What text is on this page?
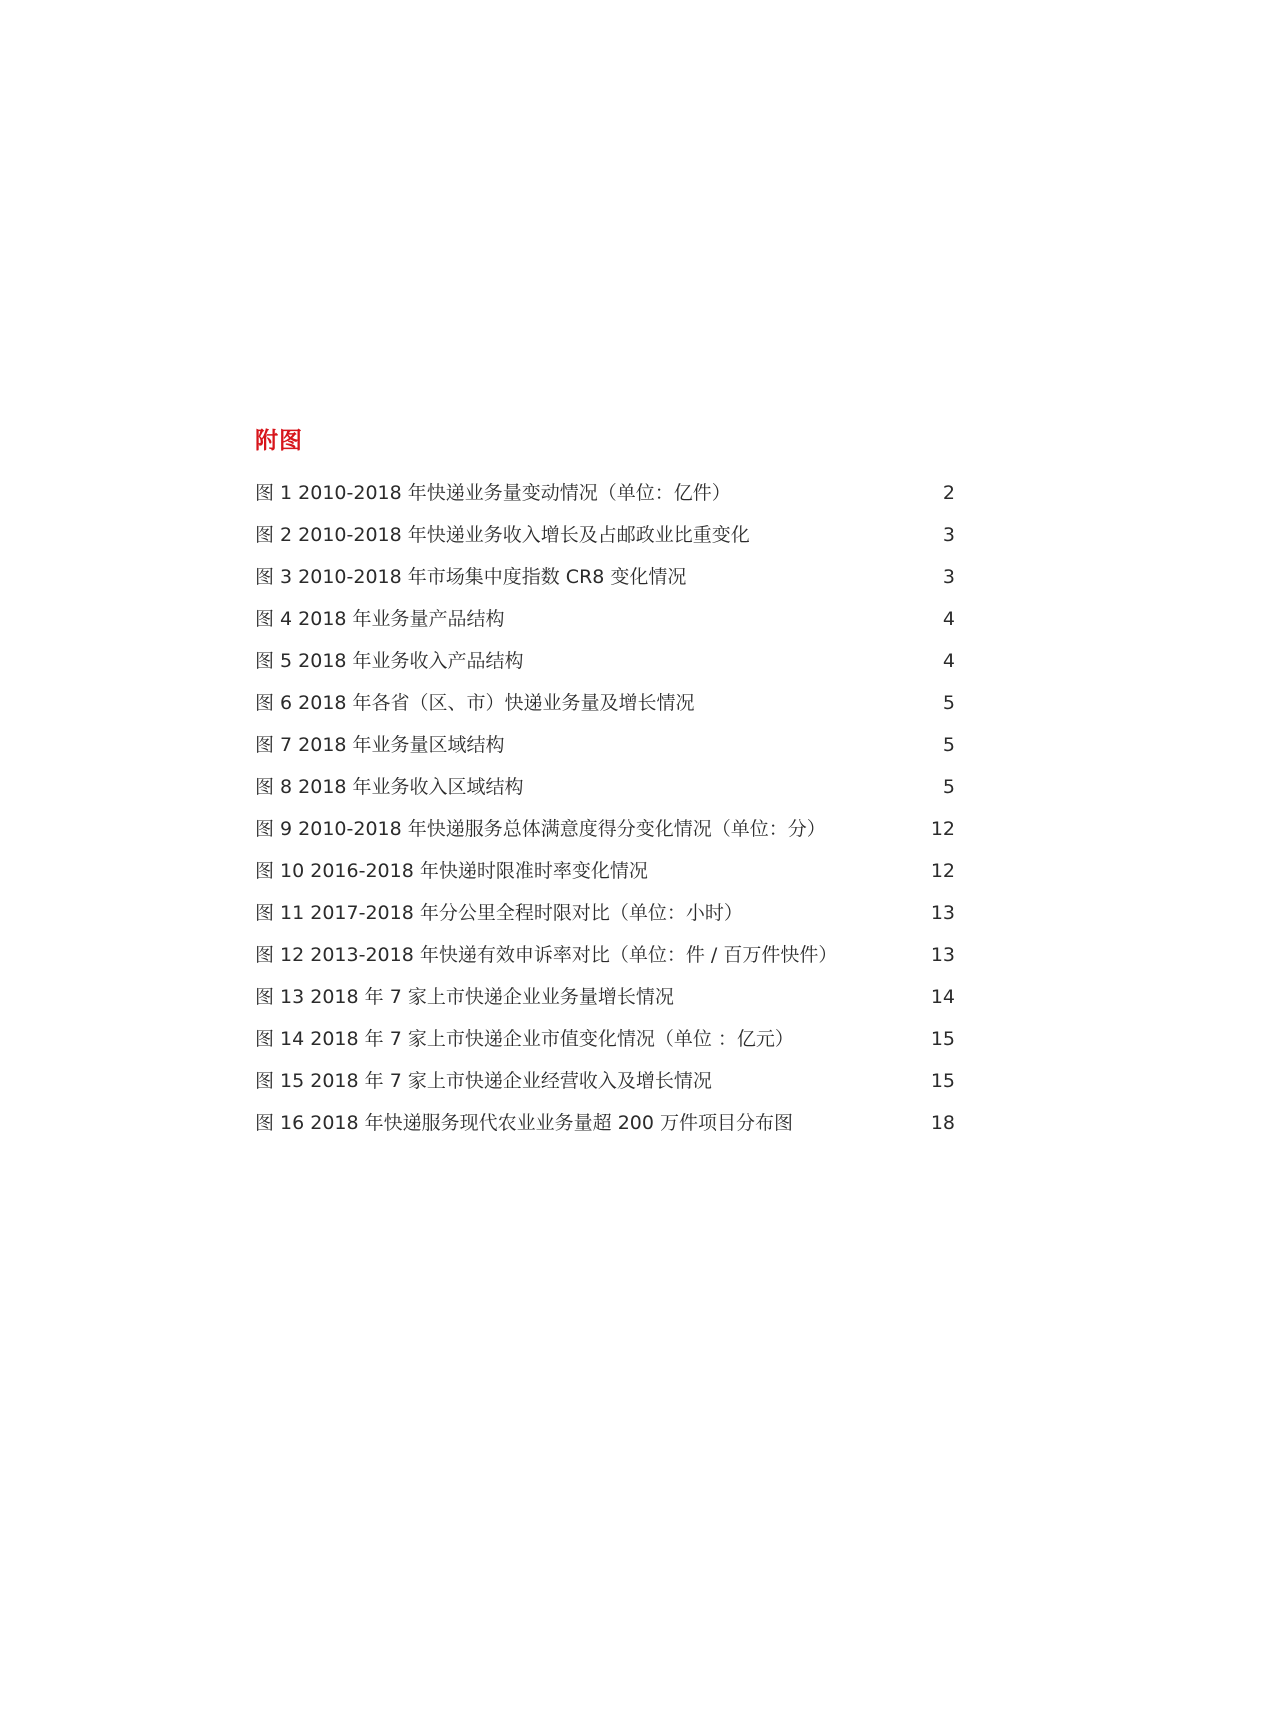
附图
图 1 2010-2018 年快递业务量变动情况（单位：亿件）	2
图 2 2010-2018 年快递业务收入增长及占邮政业比重变化	3
图 3 2010-2018 年市场集中度指数 CR8 变化情况	3
图 4 2018 年业务量产品结构	4
图 5 2018 年业务收入产品结构	4
图 6 2018 年各省（区、市）快递业务量及增长情况	5
图 7 2018 年业务量区域结构	5
图 8 2018 年业务收入区域结构	5
图 9 2010-2018 年快递服务总体满意度得分变化情况（单位：分）	12
图 10 2016-2018 年快递时限准时率变化情况	12
图 11 2017-2018 年分公里全程时限对比（单位：小时）	13
图 12 2013-2018 年快递有效申诉率对比（单位：件 / 百万件快件）	13
图 13 2018 年 7 家上市快递企业业务量增长情况	14
图 14 2018 年 7 家上市快递企业市值变化情况（单位 ：亿元）	15
图 15 2018 年 7 家上市快递企业经营收入及增长情况	15
图 16 2018 年快递服务现代农业业务量超 200 万件项目分布图	18
